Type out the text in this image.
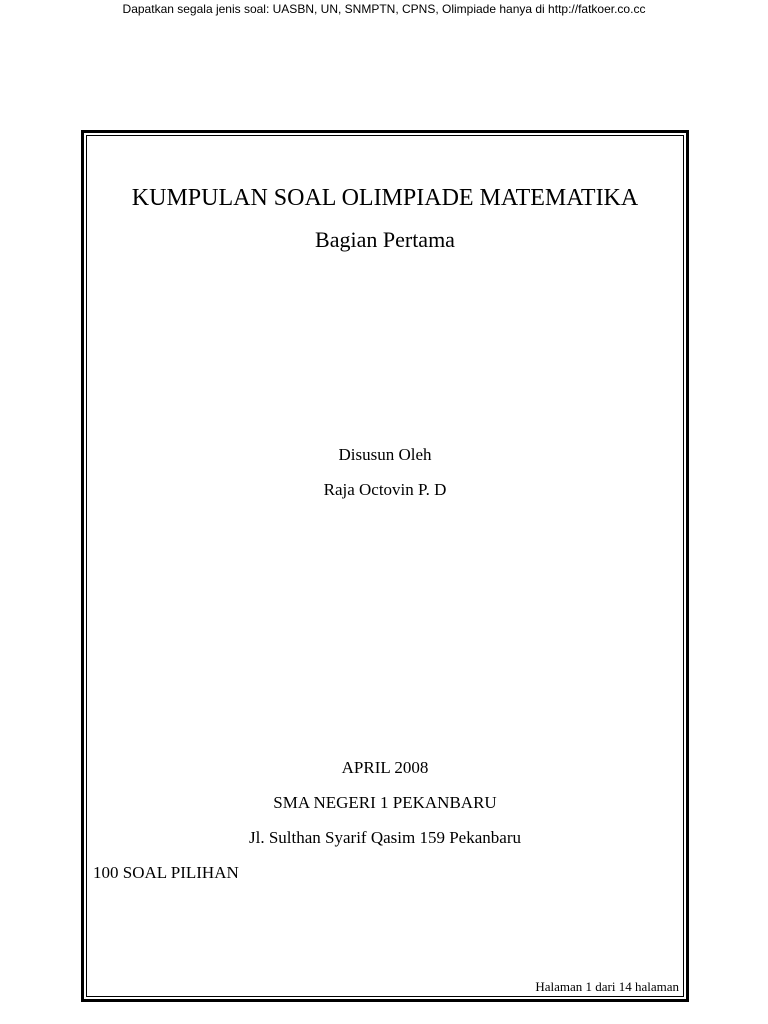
Dapatkan segala jenis soal: UASBN, UN, SNMPTN, CPNS, Olimpiade hanya di http://fatkoer.co.cc
KUMPULAN SOAL OLIMPIADE MATEMATIKA
Bagian Pertama
Disusun Oleh
Raja Octovin P. D
APRIL 2008
SMA NEGERI 1 PEKANBARU
Jl. Sulthan Syarif Qasim 159 Pekanbaru
100 SOAL PILIHAN
Halaman 1 dari 14 halaman
